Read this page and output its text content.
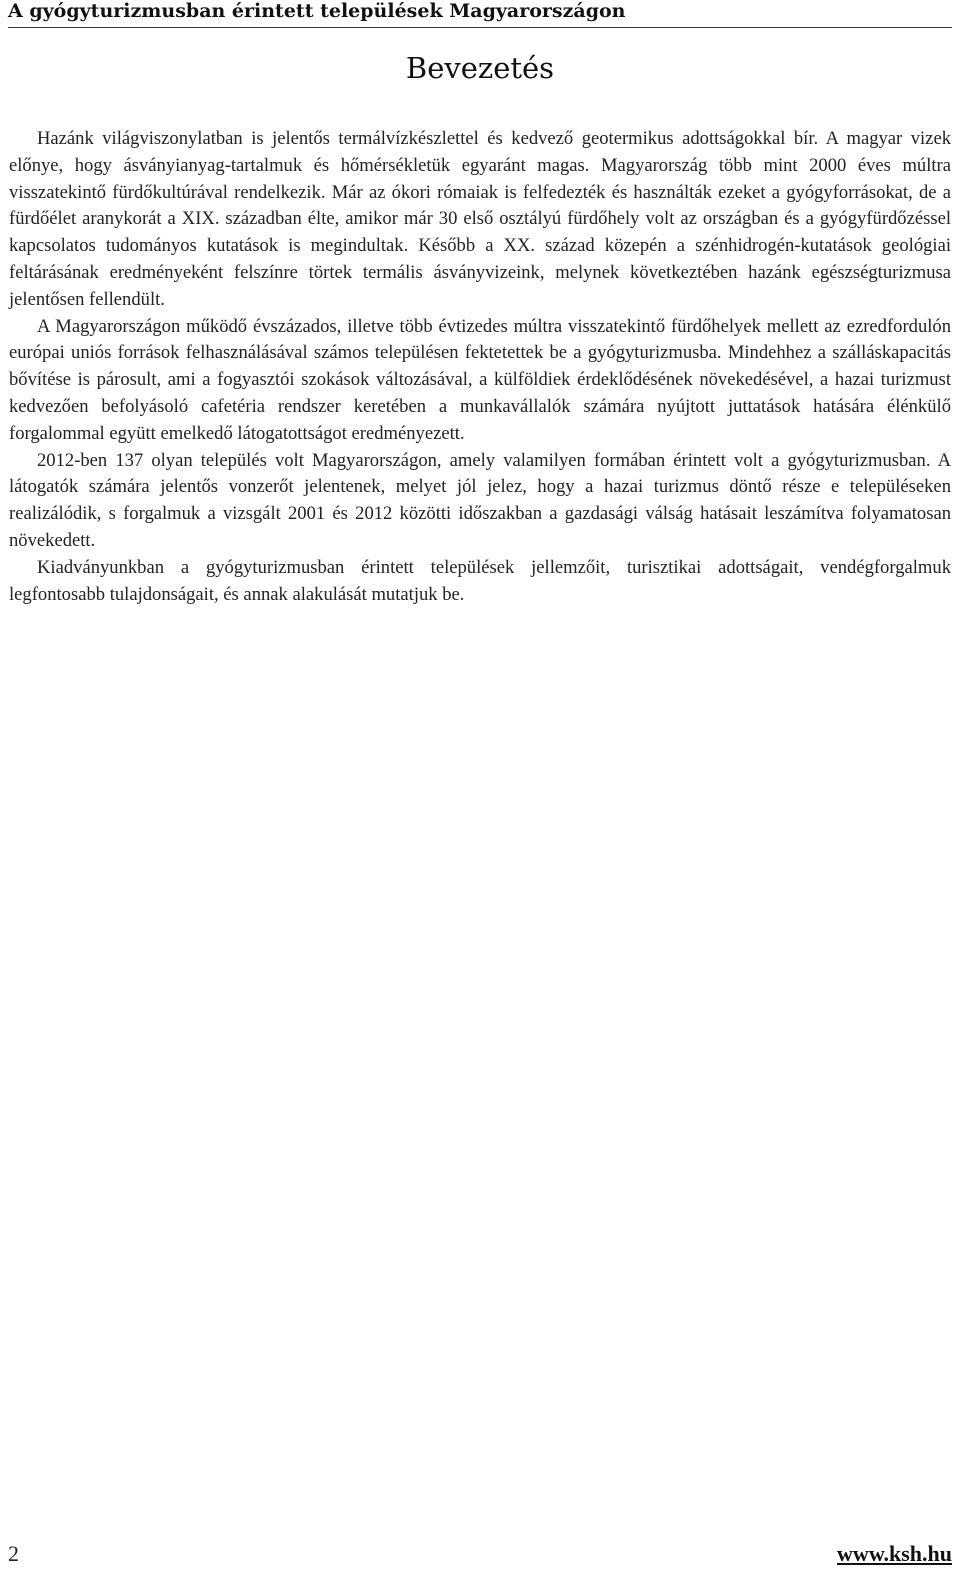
A gyógyturizmusban érintett települések Magyarországon
Bevezetés

Hazánk világviszonylatban is jelentős termálvízkészlettel és kedvező geotermikus adottságokkal bír. A magyar vizek előnye, hogy ásványianyag-tartalmuk és hőmérsékletük egyaránt magas. Magyarország több mint 2000 éves múltra visszatekintő fürdőkultúrával rendelkezik. Már az ókori rómaiak is felfedezték és használták ezeket a gyógyforrásokat, de a fürdőélet aranykorát a XIX. században élte, amikor már 30 első osztályú fürdőhely volt az országban és a gyógyfürdőzéssel kapcsolatos tudományos kutatások is megindultak. Később a XX. század közepén a szénhidrogén-kutatások geológiai feltárásának eredményeként felszínre törtek termális ásványvizeink, melynek következtében hazánk egészségturizmusa jelentősen fellendült.

A Magyarországon működő évszázados, illetve több évtizedes múltra visszatekintő fürdőhelyek mellett az ezredfordulón európai uniós források felhasználásával számos településen fektetettek be a gyógyturizmusba. Mindehhez a szálláskapacitás bővítése is párosult, ami a fogyasztói szokások változásával, a külföldiek érdeklődésének növekedésével, a hazai turizmust kedvezően befolyásoló cafetéria rendszer keretében a munkavállalók számára nyújtott juttatások hatására élénkülő forgalommal együtt emelkedő látogatottságot eredményezett.

2012-ben 137 olyan település volt Magyarországon, amely valamilyen formában érintett volt a gyógyturizmusban. A látogatók számára jelentős vonzerőt jelentenek, melyet jól jelez, hogy a hazai turizmus döntő része e településeken realizálódik, s forgalmuk a vizsgált 2001 és 2012 közötti időszakban a gazdasági válság hatásait leszámítva folyamatosan növekedett.

Kiadványunkban a gyógyturizmusban érintett települések jellemzőit, turisztikai adottságait, vendégforgalmuk legfontosabb tulajdonságait, és annak alakulását mutatjuk be.

2	www.ksh.hu
